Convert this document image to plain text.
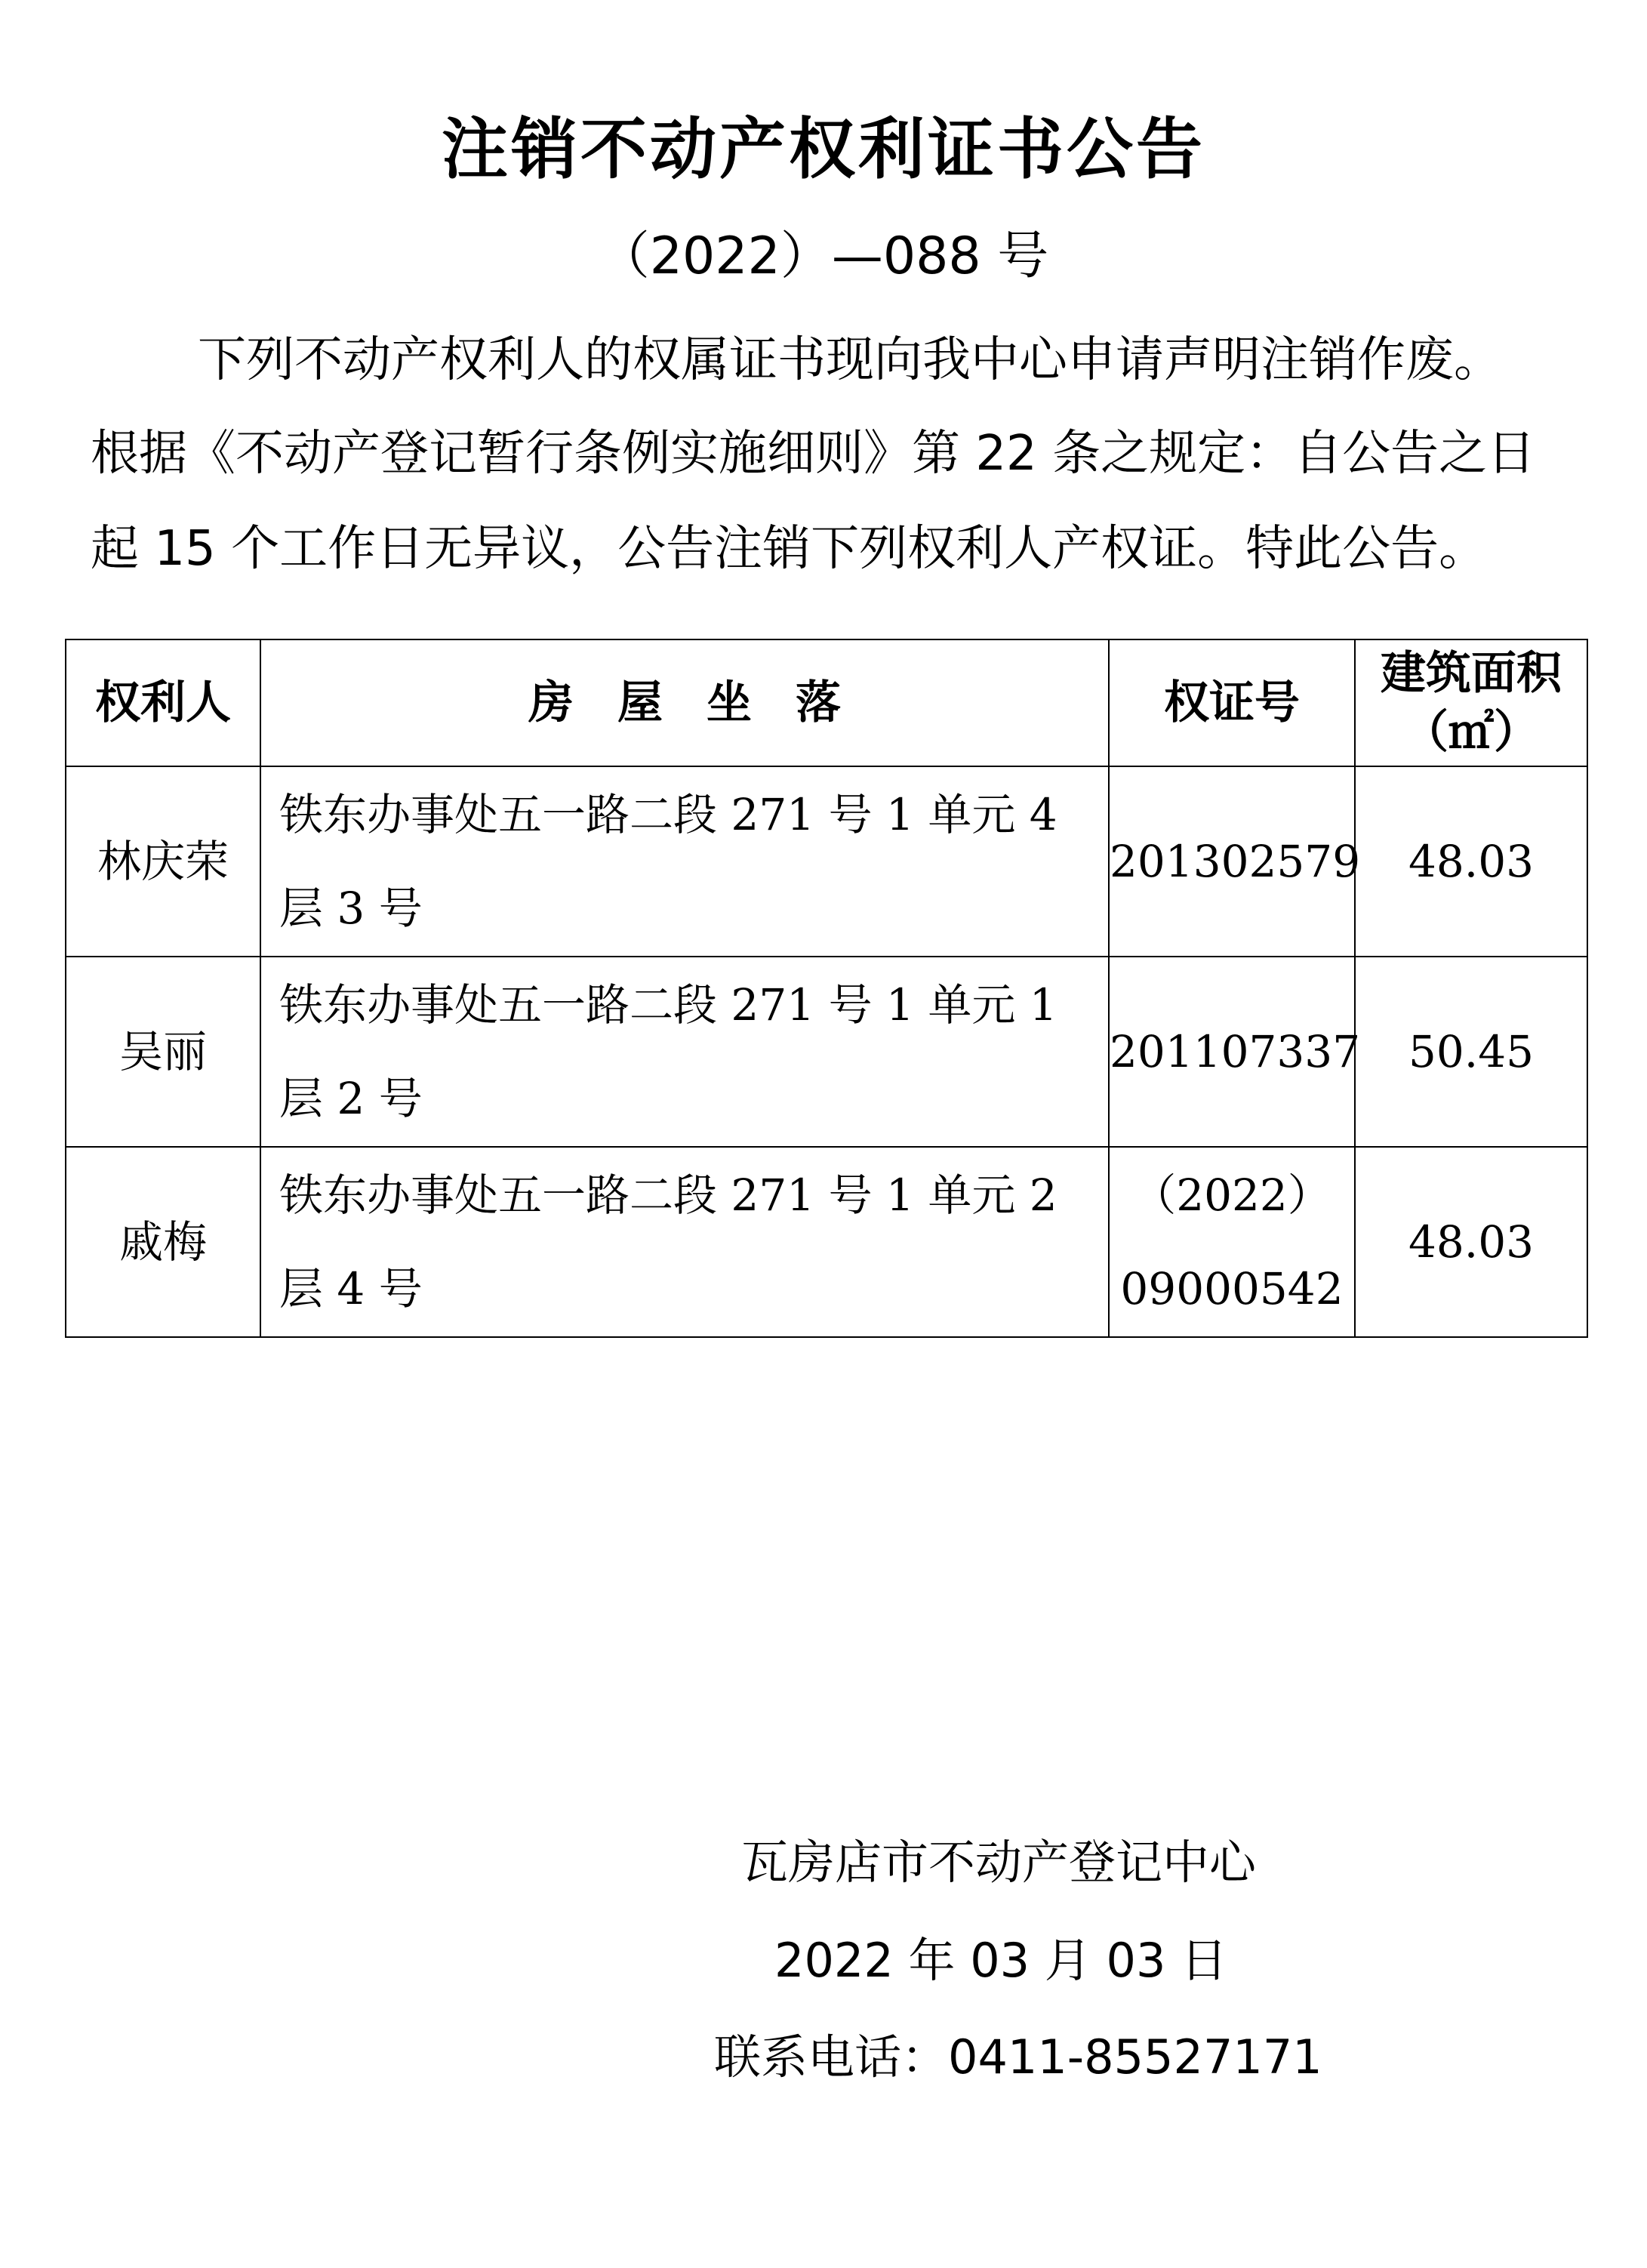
注销不动产权利证书公告
（2022）—088 号
下列不动产权利人的权属证书现向我中心申请声明注销作废。
根据《不动产登记暂行条例实施细则》第 22 条之规定：自公告之日
起 15 个工作日无异议，公告注销下列权利人产权证。特此公告。
权利人	房屋坐落	权证号	建筑面积
（㎡）

林庆荣	铁东办事处五一路二段 271 号 1 单元 4 层 3 号	201302579	48.03
吴丽	铁东办事处五一路二段 271 号 1 单元 1 层 2 号	201107337	50.45
戚梅	铁东办事处五一路二段 271 号 1 单元 2 层 4 号	（2022）09000542	48.03
瓦房店市不动产登记中心
2022 年 03 月 03 日
联系电话：0411-85527171
